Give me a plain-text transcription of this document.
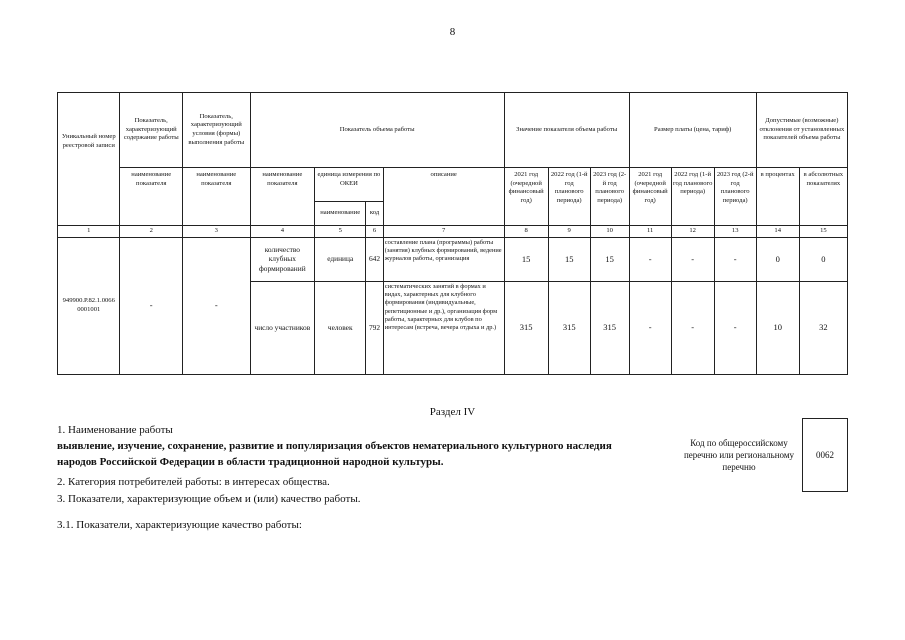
8
Уникальный номер реестровой записи	Показатель, характеризующий содержание работы	Показатель, характеризующий условия (формы) выполнения работы	Показатель объема работы				Значение показателя объема работы			Размер платы (цена, тариф)			Допустимые (возможные) отклонения от установленных показателей объема работы	
	наименование показателя	наименование показателя	наименование показателя	единица измерения по ОКЕИ		описание	2021 год (очередной финансовый год)	2022 год (1-й год планового периода)	2023 год (2-й год планового периода)	2021 год (очередной финансовый год)	2022 год (1-й год планового периода)	2023 год (2-й год планового периода)	в процентах	в абсолютных показателях
				наименование	код									
1	2	3	4	5	6	7	8	9	10	11	12	13	14	15
949900.Р.82.1.00660001001	-	-	количество клубных формирований	единица	642	составление плана (программы) работы (занятия) клубных формирований, ведение журналов работы, организация	15	15	15	-	-	-	0	0
			число участников	человек	792	систематических занятий в формах и видах, характерных для клубного формирования (индивидуальные, репетиционные и др.), организация форм работы, характерных для клубов по интересам (встреча, вечера отдыха и др.)	315	315	315	-	-	-	10	32
Раздел IV
1. Наименование работы
выявление, изучение, сохранение, развитие и популяризация объектов нематериального культурного наследия
народов Российской Федерации в области традиционной народной культуры.
2. Категория потребителей работы: в интересах общества.
3. Показатели, характеризующие объем и (или) качество работы.
3.1. Показатели, характеризующие качество работы:
Код по общероссийскому перечню или региональному перечню
0062
